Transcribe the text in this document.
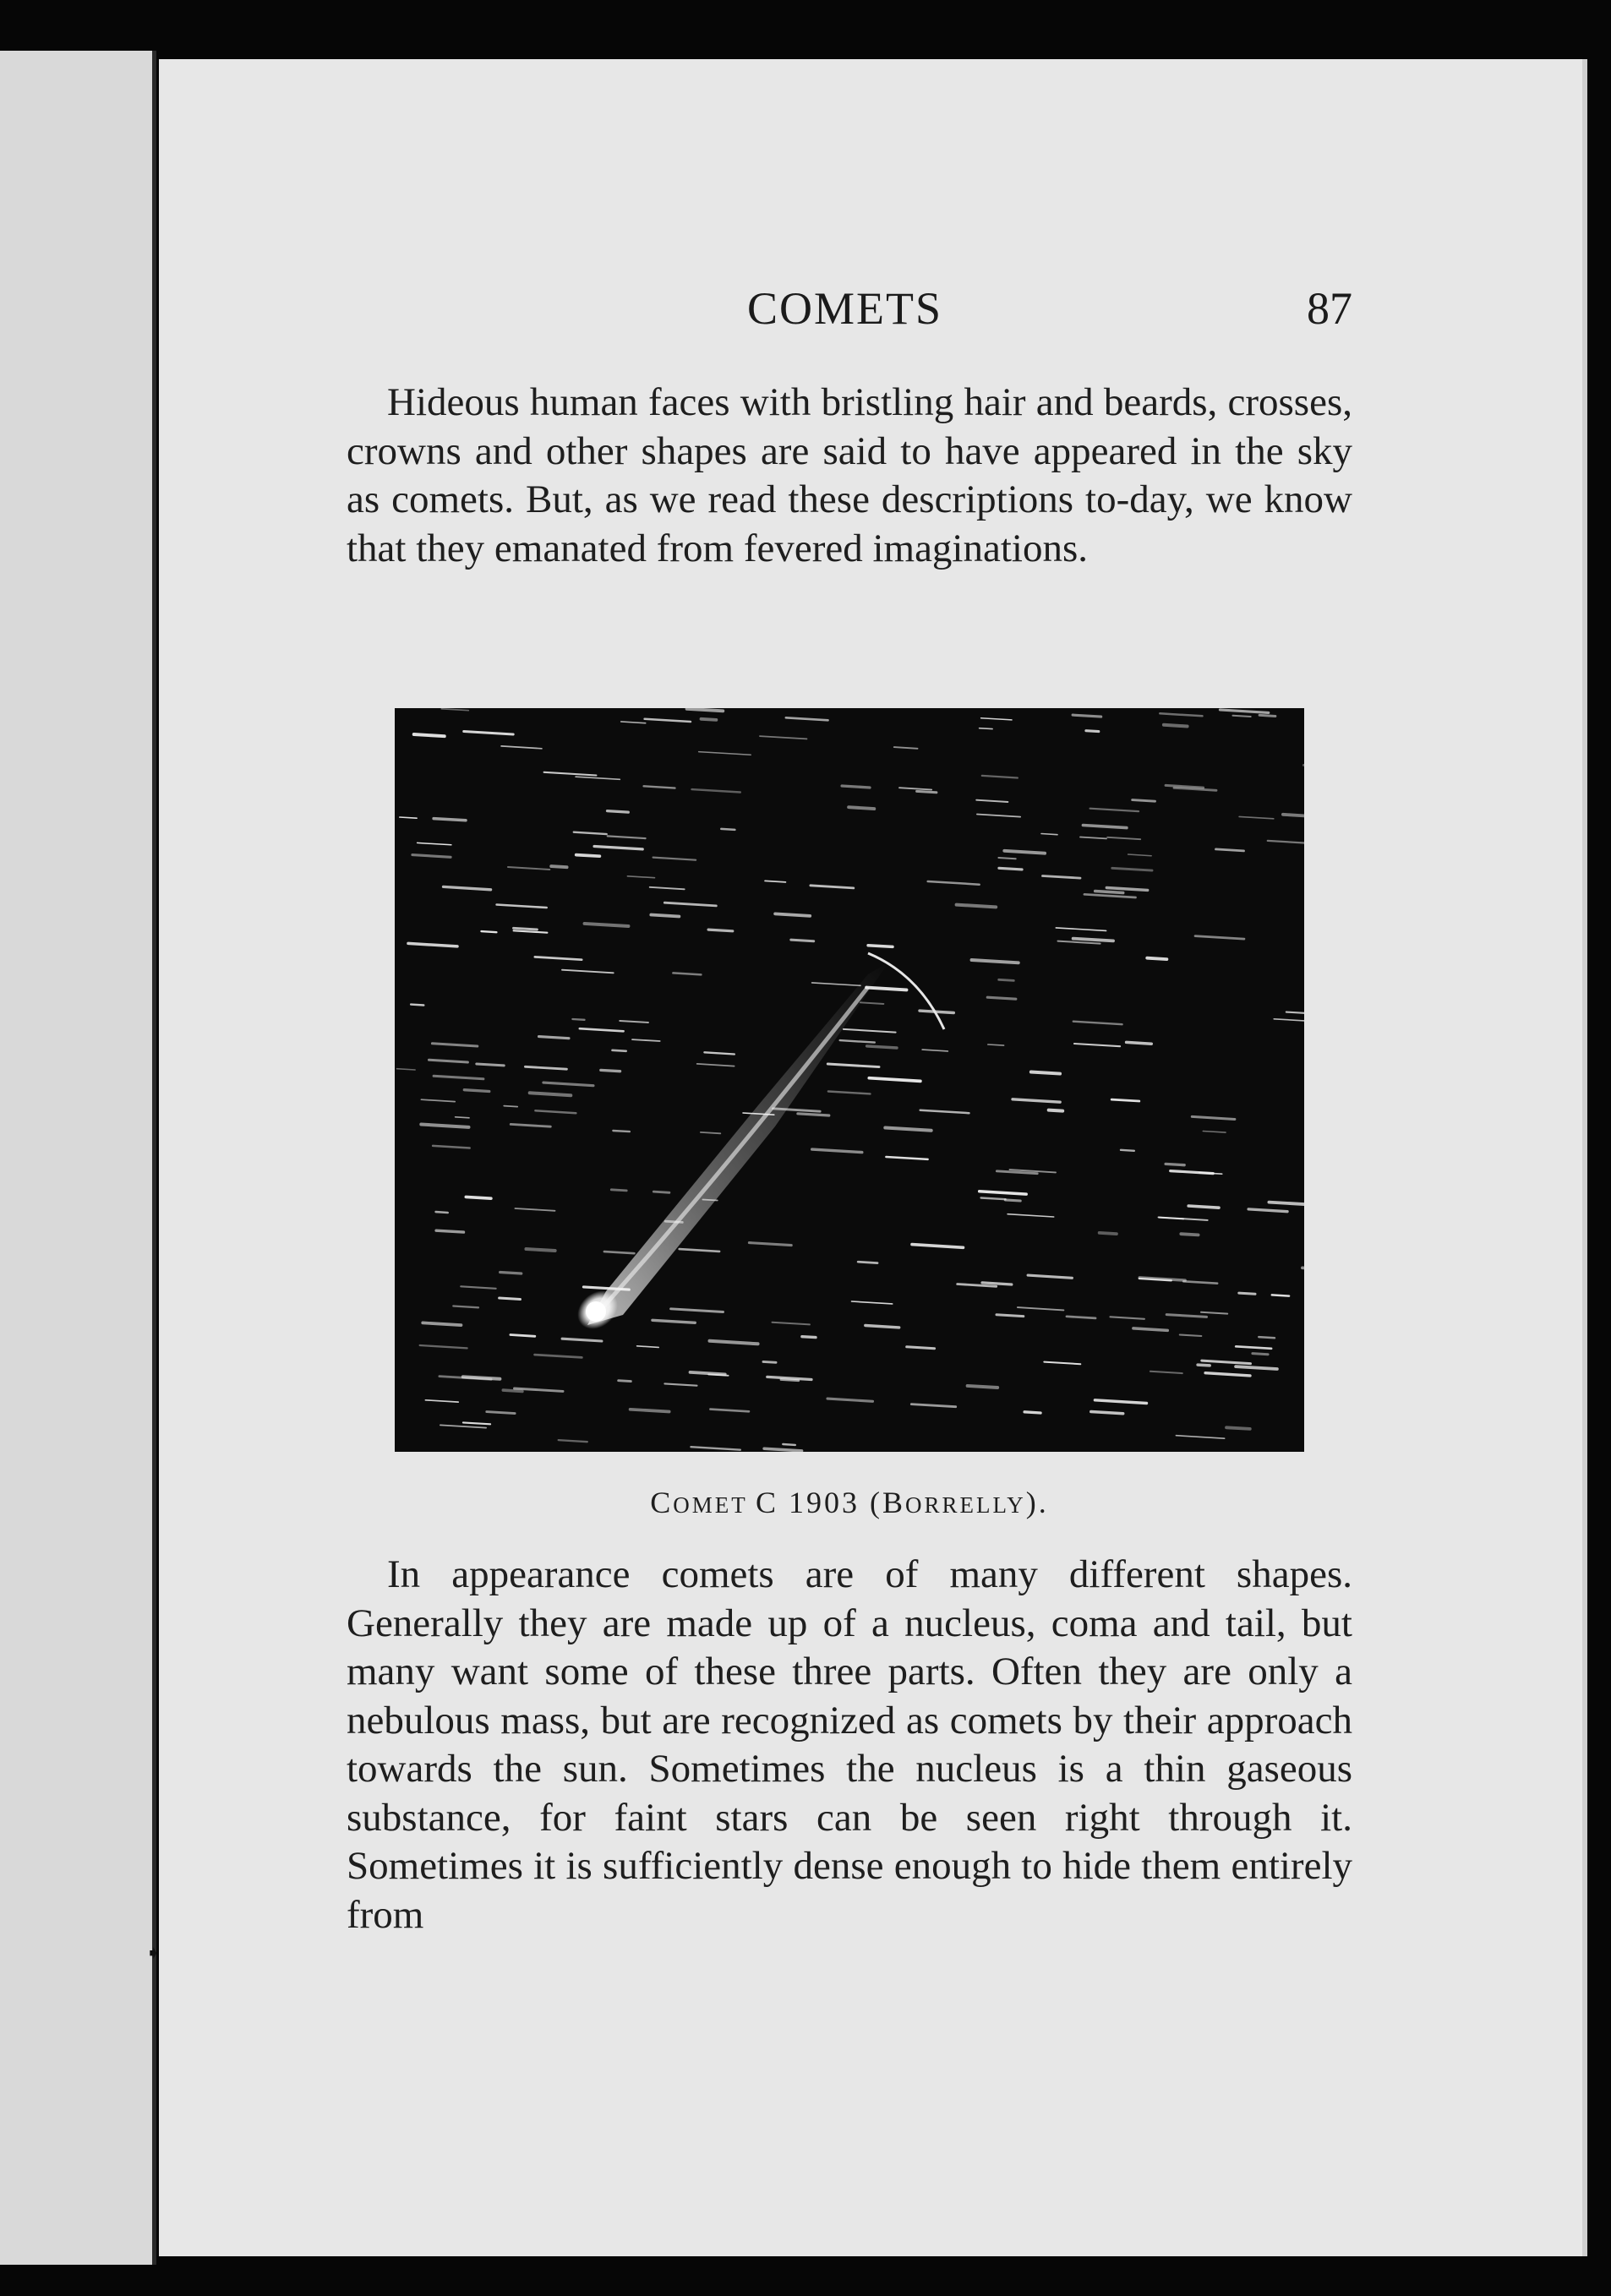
➧
COMETS	87

Hideous human faces with bristling hair and beards, crosses, crowns and other shapes are said to have appeared in the sky as comets. But, as we read these descriptions to-day, we know that they emanated from fevered imaginations.

COMET C 1903 (BORRELLY).

In appearance comets are of many different shapes. Generally they are made up of a nucleus, coma and tail, but many want some of these three parts. Often they are only a nebulous mass, but are recognized as comets by their approach towards the sun. Sometimes the nucleus is a thin gaseous substance, for faint stars can be seen right through it. Sometimes it is sufficiently dense enough to hide them entirely from
